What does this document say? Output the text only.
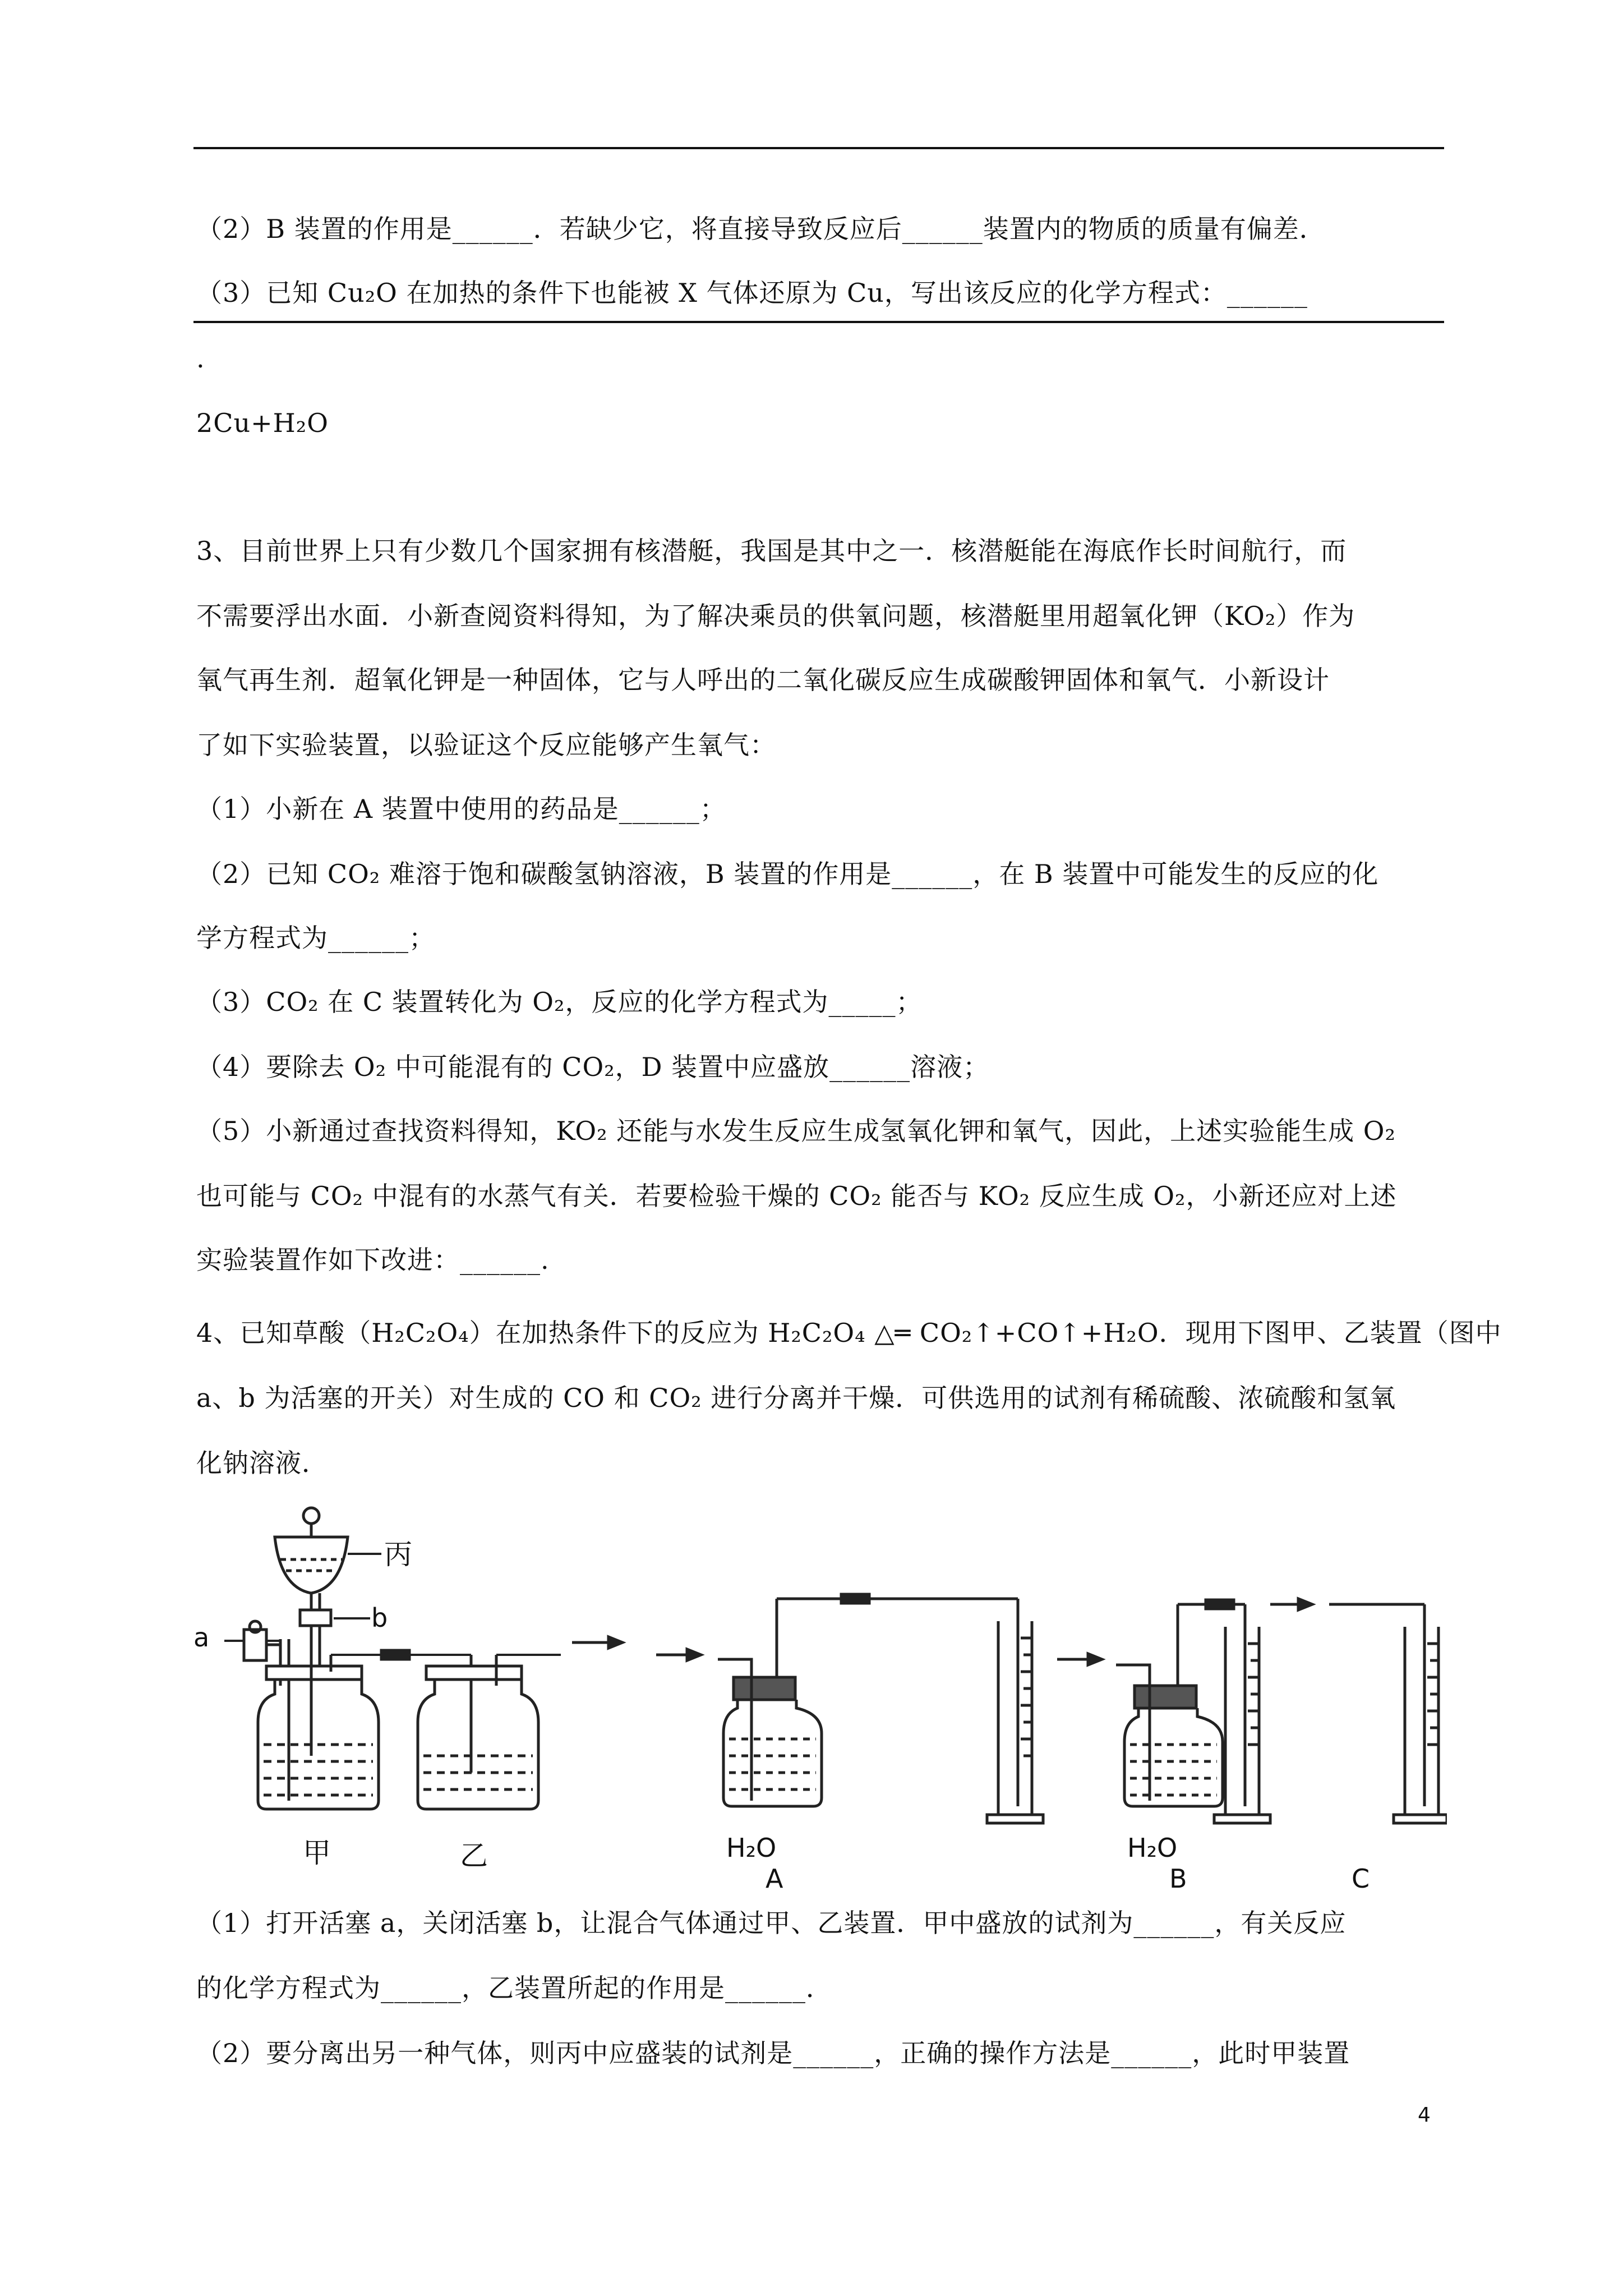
（2）B 装置的作用是______．若缺少它，将直接导致反应后______装置内的物质的质量有偏差．
（3）已知 Cu₂O 在加热的条件下也能被 X 气体还原为 Cu，写出该反应的化学方程式：______
.
2Cu+H₂O
3、目前世界上只有少数几个国家拥有核潜艇，我国是其中之一．核潜艇能在海底作长时间航行，而
不需要浮出水面．小新查阅资料得知，为了解决乘员的供氧问题，核潜艇里用超氧化钾（KO₂）作为
氧气再生剂．超氧化钾是一种固体，它与人呼出的二氧化碳反应生成碳酸钾固体和氧气．小新设计
了如下实验装置，以验证这个反应能够产生氧气：
（1）小新在 A 装置中使用的药品是______；
（2）已知 CO₂ 难溶于饱和碳酸氢钠溶液，B 装置的作用是______，在 B 装置中可能发生的反应的化
学方程式为______；
（3）CO₂ 在 C 装置转化为 O₂，反应的化学方程式为_____；
（4）要除去 O₂ 中可能混有的 CO₂，D 装置中应盛放______溶液；
（5）小新通过查找资料得知，KO₂ 还能与水发生反应生成氢氧化钾和氧气，因此，上述实验能生成 O₂
也可能与 CO₂ 中混有的水蒸气有关．若要检验干燥的 CO₂ 能否与 KO₂ 反应生成 O₂，小新还应对上述
实验装置作如下改进：______.
4、已知草酸（H₂C₂O₄）在加热条件下的反应为 H₂C₂O₄ △═ CO₂↑+CO↑+H₂O．现用下图甲、乙装置（图中
a、b 为活塞的开关）对生成的 CO 和 CO₂ 进行分离并干燥．可供选用的试剂有稀硫酸、浓硫酸和氢氧
化钠溶液．
丙
b
a
甲	乙	H₂O
A
H₂O
B	C
（1）打开活塞 a，关闭活塞 b，让混合气体通过甲、乙装置．甲中盛放的试剂为______，有关反应
的化学方程式为______，乙装置所起的作用是______．
（2）要分离出另一种气体，则丙中应盛装的试剂是______，正确的操作方法是______，此时甲装置
4
